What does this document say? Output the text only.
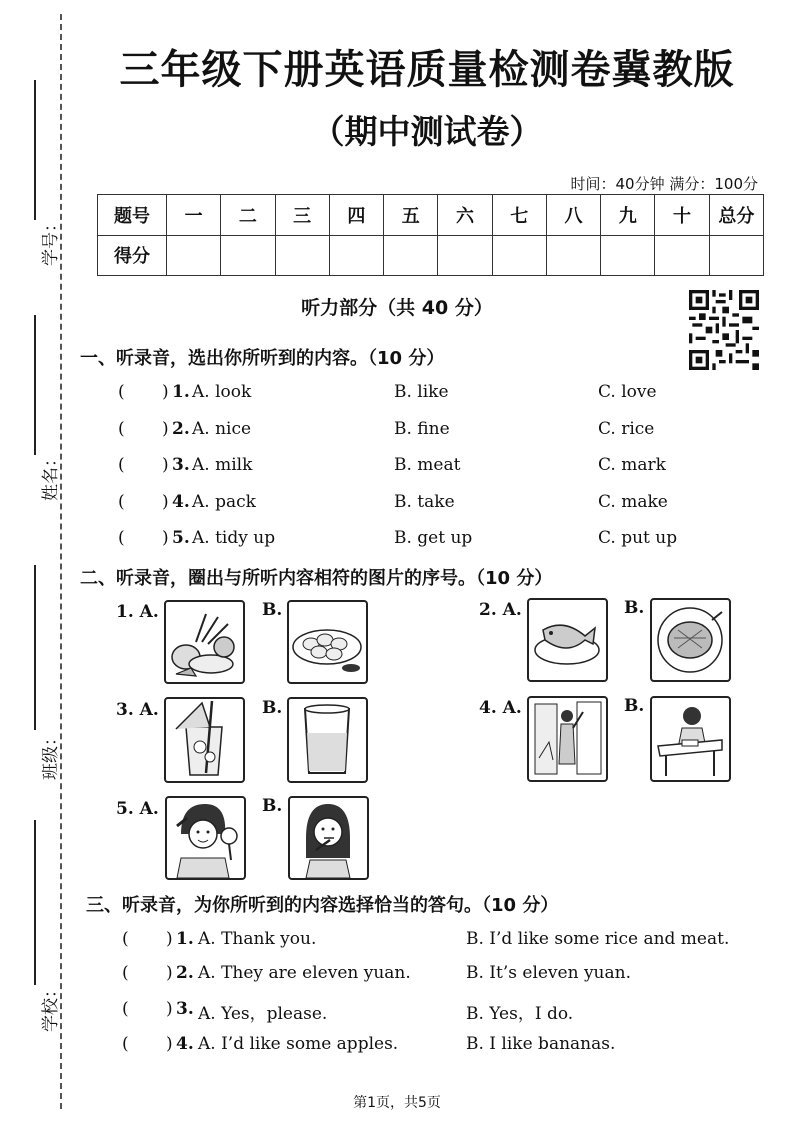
学号：
姓名：
班级：
学校：
三年级下册英语质量检测卷冀教版
（期中测试卷）
时间：40分钟 满分：100分
题号	一	二	三	四	五	六	七	八	九	十	总分
得分											
听力部分（共 40 分）
一、听录音，选出你所听到的内容。（10 分）
( ) 1. A. look	B. like	C. love
( ) 2. A. nice	B. fine	C. rice
( ) 3. A. milk	B. meat	C. mark
( ) 4. A. pack	B. take	C. make
( ) 5. A. tidy up	B. get up	C. put up
二、听录音，圈出与所听内容相符的图片的序号。（10 分）
1. A.	B.	2. A.	B.
3. A.	B.	4. A.	B.
5. A.	B.
三、听录音，为你所听到的内容选择恰当的答句。（10 分）
( ) 1. A. Thank you.	B. I’d like some rice and meat.
( ) 2. A. They are eleven yuan.	B. It’s eleven yuan.
( ) 3. A. Yes，please.	B. Yes，I do.
( ) 4. A. I’d like some apples.	B. I like bananas.
第1页，共5页
